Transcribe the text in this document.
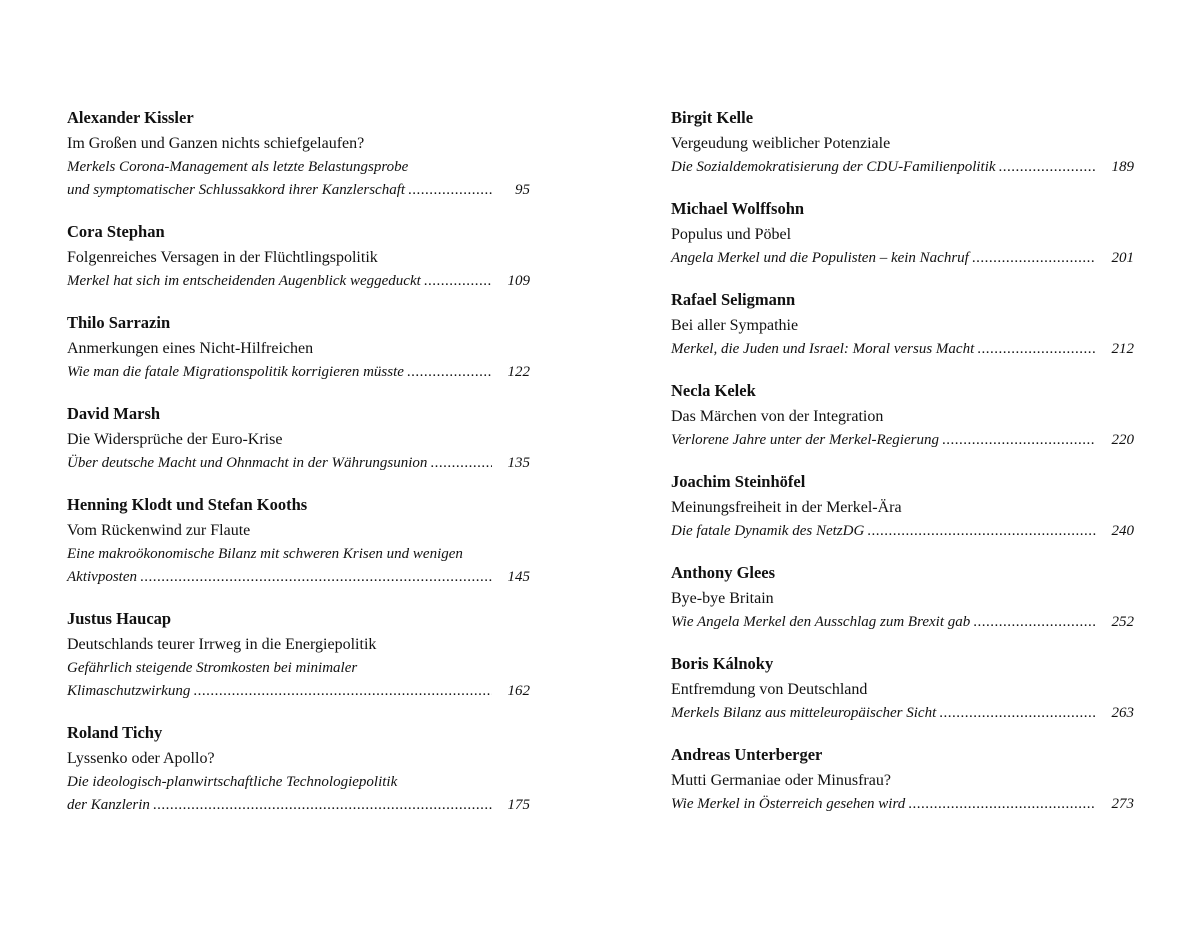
Alexander Kissler
Im Großen und Ganzen nichts schiefgelaufen?
Merkels Corona-Management als letzte Belastungsprobe
und symptomatischer Schlussakkord ihrer Kanzlerschaft .....	95
Cora Stephan
Folgenreiches Versagen in der Flüchtlingspolitik
Merkel hat sich im entscheidenden Augenblick weggeduckt .....	109
Thilo Sarrazin
Anmerkungen eines Nicht-Hilfreichen
Wie man die fatale Migrationspolitik korrigieren müsste .....	122
David Marsh
Die Widersprüche der Euro-Krise
Über deutsche Macht und Ohnmacht in der Währungsunion .....	135
Henning Klodt und Stefan Kooths
Vom Rückenwind zur Flaute
Eine makroökonomische Bilanz mit schweren Krisen und wenigen
Aktivposten .....	145
Justus Haucap
Deutschlands teurer Irrweg in die Energiepolitik
Gefährlich steigende Stromkosten bei minimaler
Klimaschutzwirkung .....	162
Roland Tichy
Lyssenko oder Apollo?
Die ideologisch-planwirtschaftliche Technologiepolitik
der Kanzlerin .....	175
Birgit Kelle
Vergeudung weiblicher Potenziale
Die Sozialdemokratisierung der CDU-Familienpolitik .....	189
Michael Wolffsohn
Populus und Pöbel
Angela Merkel und die Populisten – kein Nachruf .....	201
Rafael Seligmann
Bei aller Sympathie
Merkel, die Juden und Israel: Moral versus Macht .....	212
Necla Kelek
Das Märchen von der Integration
Verlorene Jahre unter der Merkel-Regierung .....	220
Joachim Steinhöfel
Meinungsfreiheit in der Merkel-Ära
Die fatale Dynamik des NetzDG .....	240
Anthony Glees
Bye-bye Britain
Wie Angela Merkel den Ausschlag zum Brexit gab .....	252
Boris Kálnoky
Entfremdung von Deutschland
Merkels Bilanz aus mitteleuropäischer Sicht .....	263
Andreas Unterberger
Mutti Germaniae oder Minusfrau?
Wie Merkel in Österreich gesehen wird .....	273
